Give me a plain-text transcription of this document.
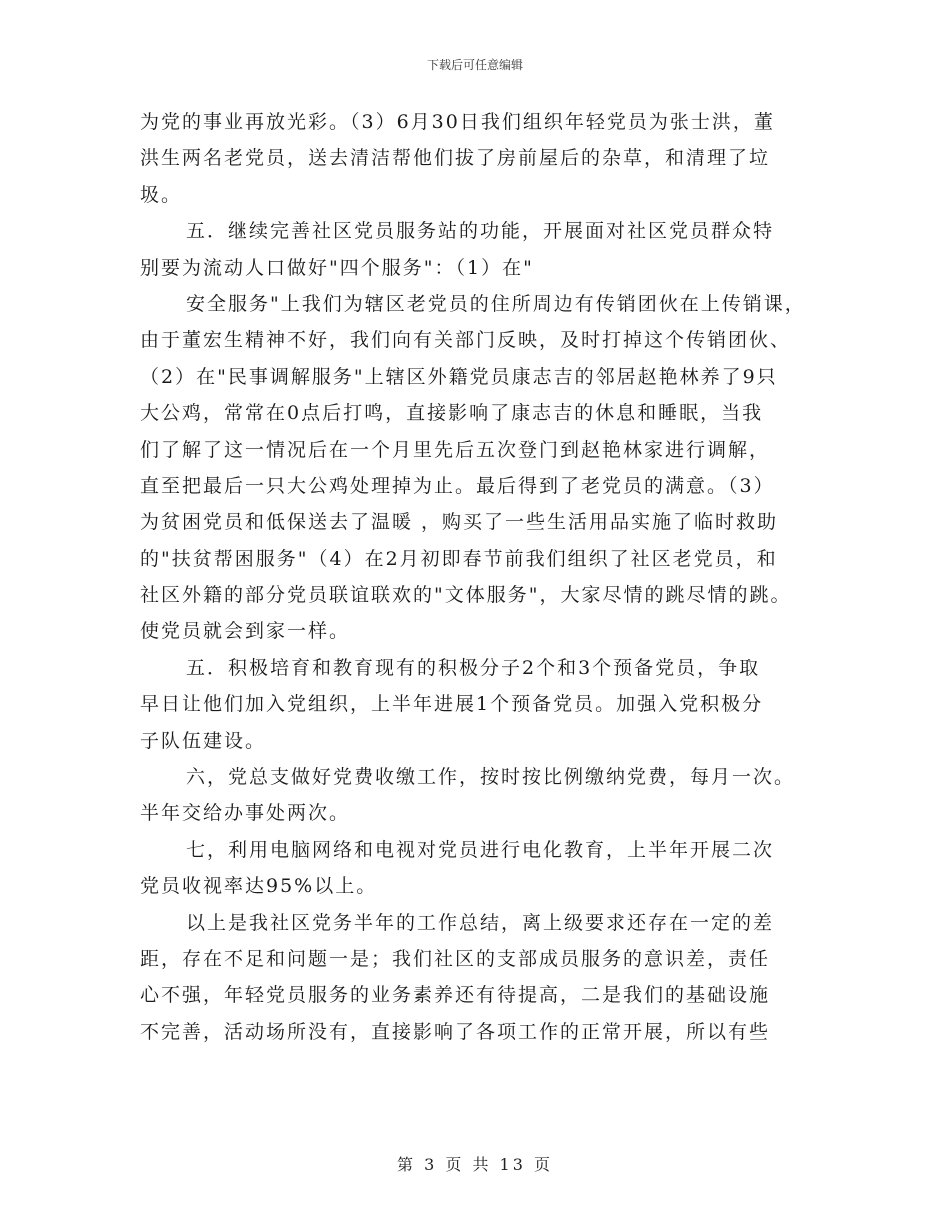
下载后可任意编辑
为党的事业再放光彩。（3）6月30日我们组织年轻党员为张士洪，董
洪生两名老党员，送去清洁帮他们拔了房前屋后的杂草，和清理了垃
圾。
五．继续完善社区党员服务站的功能，开展面对社区党员群众特
别要为流动人口做好"四个服务"：（1）在"
安全服务"上我们为辖区老党员的住所周边有传销团伙在上传销课，
由于董宏生精神不好，我们向有关部门反映，及时打掉这个传销团伙、
（2）在"民事调解服务"上辖区外籍党员康志吉的邻居赵艳林养了9只
大公鸡，常常在0点后打鸣，直接影响了康志吉的休息和睡眠，当我
们了解了这一情况后在一个月里先后五次登门到赵艳林家进行调解，
直至把最后一只大公鸡处理掉为止。最后得到了老党员的满意。（3）
为贫困党员和低保送去了温暖 ，购买了一些生活用品实施了临时救助
的"扶贫帮困服务"（4）在2月初即春节前我们组织了社区老党员，和
社区外籍的部分党员联谊联欢的"文体服务"，大家尽情的跳尽情的跳。
使党员就会到家一样。
五．积极培育和教育现有的积极分子2个和3个预备党员，争取
早日让他们加入党组织，上半年进展1个预备党员。加强入党积极分
子队伍建设。
六，党总支做好党费收缴工作，按时按比例缴纳党费，每月一次。
半年交给办事处两次。
七，利用电脑网络和电视对党员进行电化教育，上半年开展二次
党员收视率达95%以上。
以上是我社区党务半年的工作总结，离上级要求还存在一定的差
距，存在不足和问题一是；我们社区的支部成员服务的意识差，责任
心不强，年轻党员服务的业务素养还有待提高，二是我们的基础设施
不完善，活动场所没有，直接影响了各项工作的正常开展，所以有些
第 3 页 共 13 页
